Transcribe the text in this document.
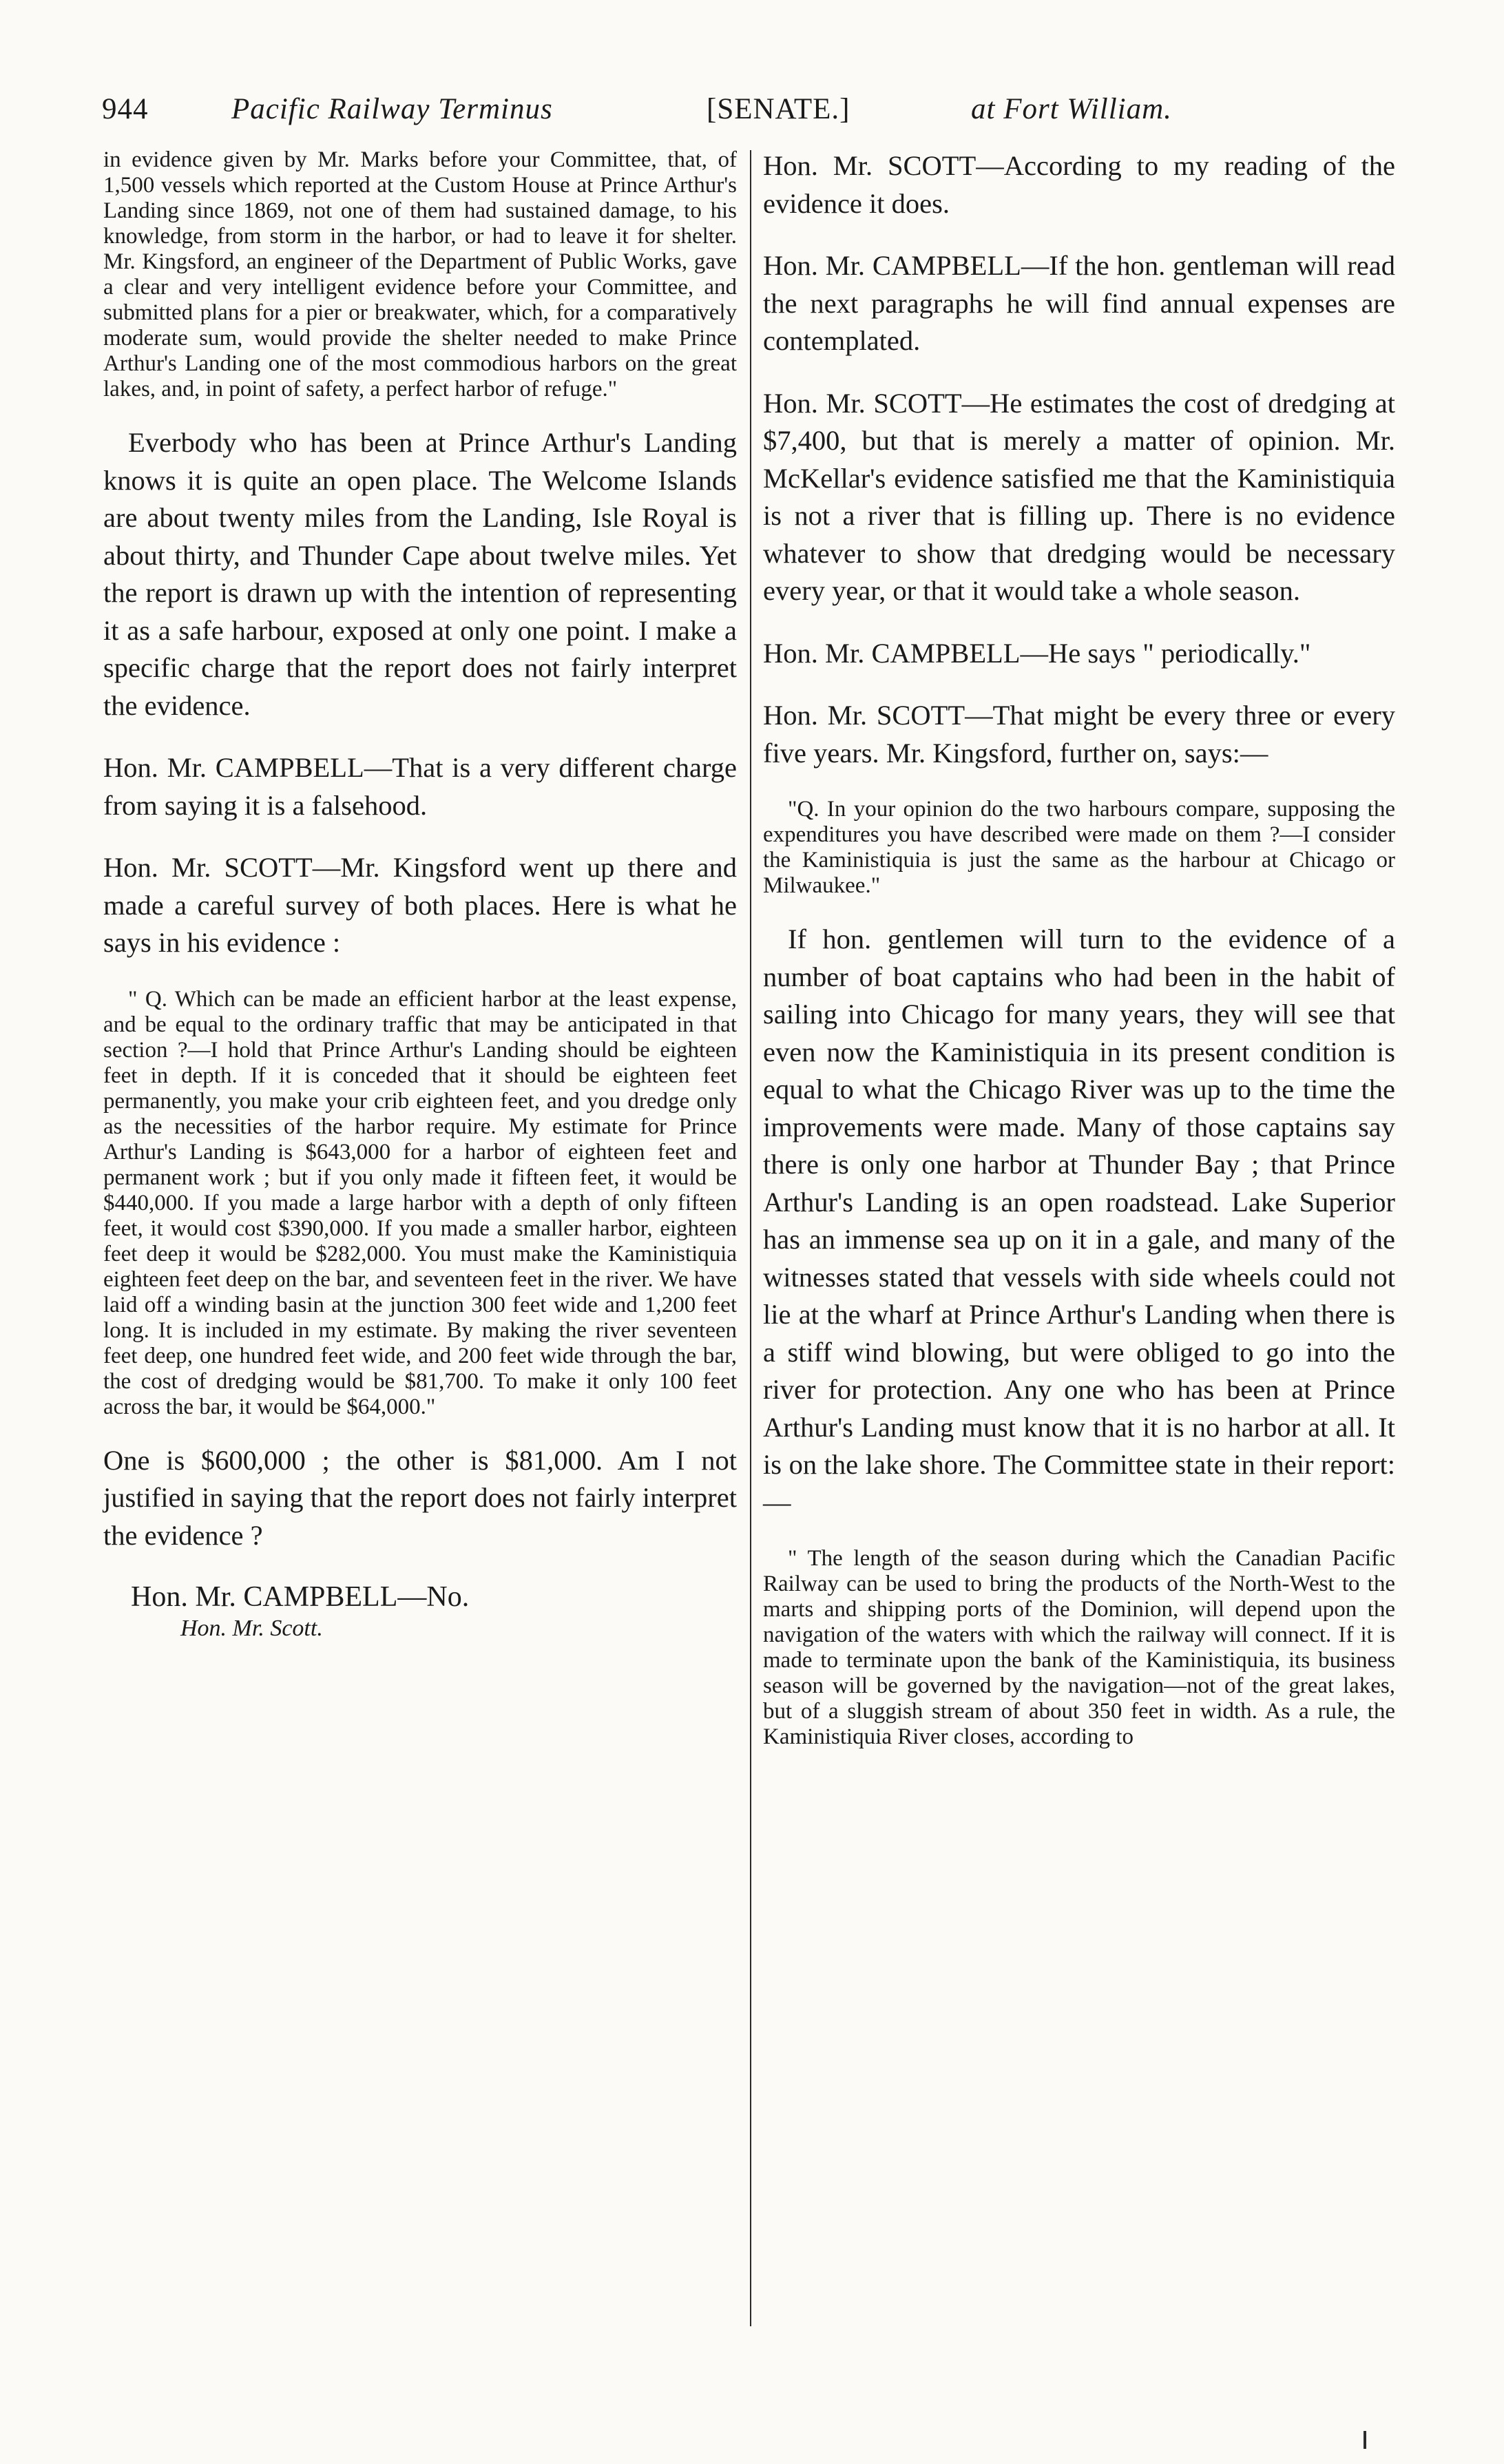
944	Pacific Railway Terminus	[SENATE.]	at Fort William.

in evidence given by Mr. Marks before your Committee, that, of 1,500 vessels which reported at the Custom House at Prince Arthur's Landing since 1869, not one of them had sustained damage, to his knowledge, from storm in the harbor, or had to leave it for shelter. Mr. Kingsford, an engineer of the Department of Public Works, gave a clear and very intelligent evidence before your Committee, and submitted plans for a pier or breakwater, which, for a comparatively moderate sum, would provide the shelter needed to make Prince Arthur's Landing one of the most commodious harbors on the great lakes, and, in point of safety, a perfect harbor of refuge."

Everbody who has been at Prince Arthur's Landing knows it is quite an open place. The Welcome Islands are about twenty miles from the Landing, Isle Royal is about thirty, and Thunder Cape about twelve miles. Yet the report is drawn up with the intention of representing it as a safe harbour, exposed at only one point. I make a specific charge that the report does not fairly interpret the evidence.

Hon. Mr. CAMPBELL—That is a very different charge from saying it is a falsehood.

Hon. Mr. SCOTT—Mr. Kingsford went up there and made a careful survey of both places. Here is what he says in his evidence :

" Q. Which can be made an efficient harbor at the least expense, and be equal to the ordinary traffic that may be anticipated in that section ?—I hold that Prince Arthur's Landing should be eighteen feet in depth. If it is conceded that it should be eighteen feet permanently, you make your crib eighteen feet, and you dredge only as the necessities of the harbor require. My estimate for Prince Arthur's Landing is $643,000 for a harbor of eighteen feet and permanent work ; but if you only made it fifteen feet, it would be $440,000. If you made a large harbor with a depth of only fifteen feet, it would cost $390,000. If you made a smaller harbor, eighteen feet deep it would be $282,000. You must make the Kaministiquia eighteen feet deep on the bar, and seventeen feet in the river. We have laid off a winding basin at the junction 300 feet wide and 1,200 feet long. It is included in my estimate. By making the river seventeen feet deep, one hundred feet wide, and 200 feet wide through the bar, the cost of dredging would be $81,700. To make it only 100 feet across the bar, it would be $64,000."

One is $600,000 ; the other is $81,000. Am I not justified in saying that the report does not fairly interpret the evidence ?

Hon. Mr. CAMPBELL—No.

Hon. Mr. Scott.

Hon. Mr. SCOTT—According to my reading of the evidence it does.

Hon. Mr. CAMPBELL—If the hon. gentleman will read the next paragraphs he will find annual expenses are contemplated.

Hon. Mr. SCOTT—He estimates the cost of dredging at $7,400, but that is merely a matter of opinion. Mr. McKellar's evidence satisfied me that the Kaministiquia is not a river that is filling up. There is no evidence whatever to show that dredging would be necessary every year, or that it would take a whole season.

Hon. Mr. CAMPBELL—He says " periodically."

Hon. Mr. SCOTT—That might be every three or every five years. Mr. Kingsford, further on, says:—

"Q. In your opinion do the two harbours compare, supposing the expenditures you have described were made on them ?—I consider the Kaministiquia is just the same as the harbour at Chicago or Milwaukee."

If hon. gentlemen will turn to the evidence of a number of boat captains who had been in the habit of sailing into Chicago for many years, they will see that even now the Kaministiquia in its present condition is equal to what the Chicago River was up to the time the improvements were made. Many of those captains say there is only one harbor at Thunder Bay ; that Prince Arthur's Landing is an open roadstead. Lake Superior has an immense sea up on it in a gale, and many of the witnesses stated that vessels with side wheels could not lie at the wharf at Prince Arthur's Landing when there is a stiff wind blowing, but were obliged to go into the river for protection. Any one who has been at Prince Arthur's Landing must know that it is no harbor at all. It is on the lake shore. The Committee state in their report:—

" The length of the season during which the Canadian Pacific Railway can be used to bring the products of the North-West to the marts and shipping ports of the Dominion, will depend upon the navigation of the waters with which the railway will connect. If it is made to terminate upon the bank of the Kaministiquia, its business season will be governed by the navigation—not of the great lakes, but of a sluggish stream of about 350 feet in width. As a rule, the Kaministiquia River closes, according to
